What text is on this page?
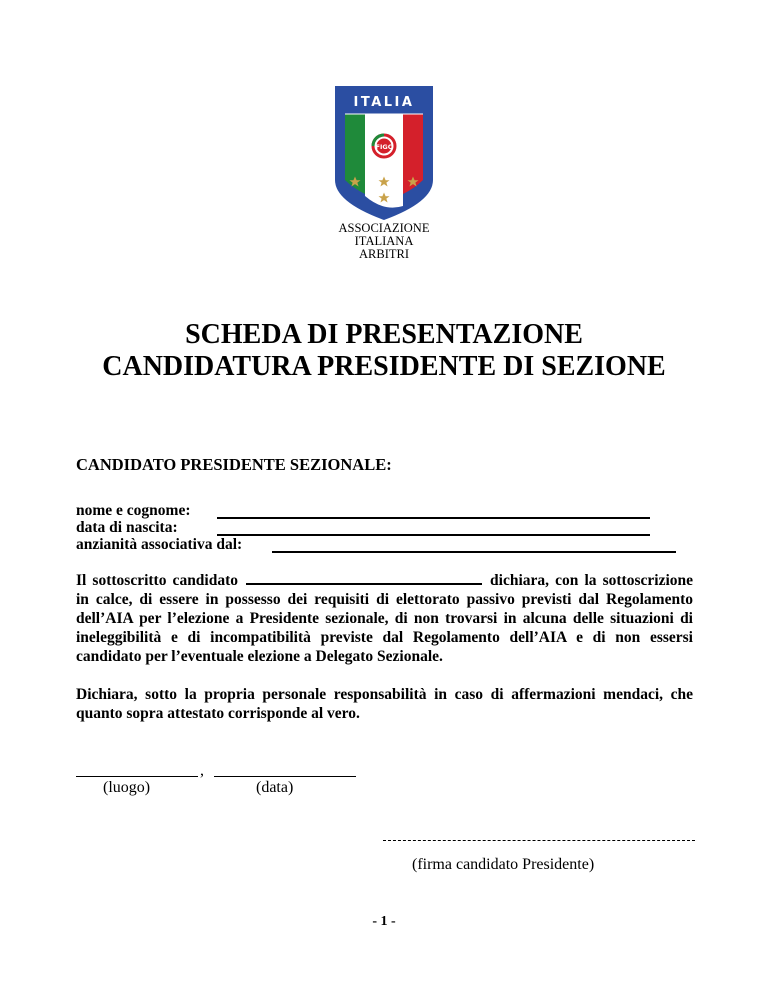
ITALIA
FIGC
ASSOCIAZIONE
ITALIANA
ARBITRI
SCHEDA DI PRESENTAZIONE
CANDIDATURA PRESIDENTE DI SEZIONE
CANDIDATO PRESIDENTE SEZIONALE:
nome e cognome:
data di nascita:
anzianità associativa dal:

Il sottoscritto candidato	dichiara, con la sottoscrizione in calce, di essere in possesso dei requisiti di elettorato passivo previsti dal Regolamento dell’AIA per l’elezione a Presidente sezionale, di non trovarsi in alcuna delle situazioni di ineleggibilità e di incompatibilità previste dal Regolamento dell’AIA e di non essersi candidato per l’eventuale elezione a Delegato Sezionale.

Dichiara, sotto la propria personale responsabilità in caso di affermazioni mendaci, che quanto sopra attestato corrisponde al vero.

,
(luogo)	(data)
(firma candidato Presidente)
- 1 -
